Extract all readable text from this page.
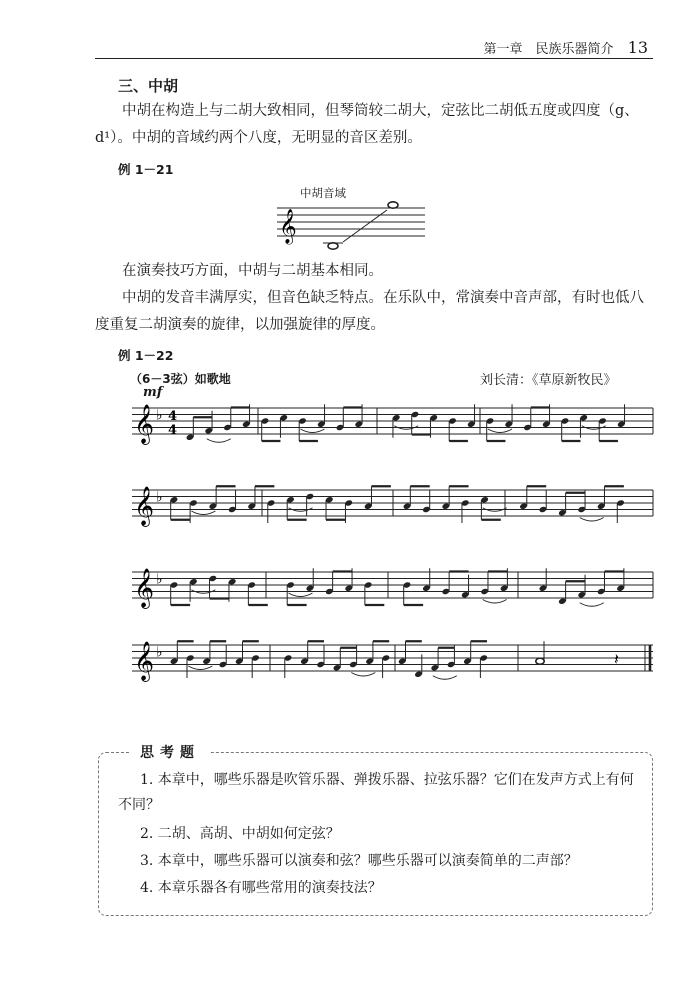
第一章　民族乐器简介 13
三、中胡
中胡在构造上与二胡大致相同，但琴筒较二胡大，定弦比二胡低五度或四度（g、d¹）。中胡的音域约两个八度，无明显的音区差别。
例 1－21
中胡音域
𝄞
在演奏技巧方面，中胡与二胡基本相同。
中胡的发音丰满厚实，但音色缺乏特点。在乐队中，常演奏中音声部，有时也低八度重复二胡演奏的旋律，以加强旋律的厚度。
例 1－22
（6－3弦）如歌地	刘长清：《草原新牧民》
mf
𝄞 ♭ 4
4
𝄞 ♭
𝄞 ♭
𝄞 ♭	𝄽
思考题
1. 本章中，哪些乐器是吹管乐器、弹拨乐器、拉弦乐器？它们在发声方式上有何不同？
2. 二胡、高胡、中胡如何定弦？
3. 本章中，哪些乐器可以演奏和弦？哪些乐器可以演奏简单的二声部？
4. 本章乐器各有哪些常用的演奏技法？
